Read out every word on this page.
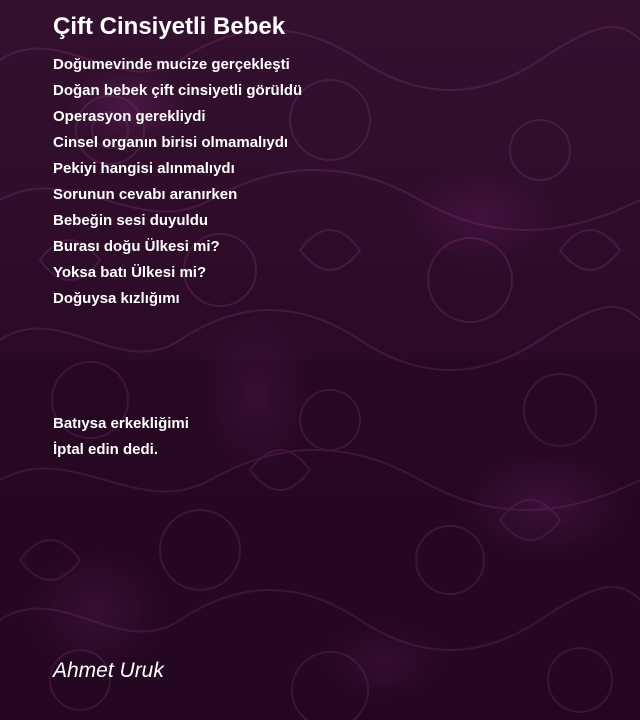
Çift Cinsiyetli Bebek
Doğumevinde mucize gerçekleşti
Doğan bebek çift cinsiyetli görüldü
Operasyon gerekliydi
Cinsel organın birisi olmamalıydı
Pekiyi hangisi alınmalıydı
Sorunun cevabı aranırken
Bebeğin sesi duyuldu
Burası doğu Ülkesi mi?
Yoksa batı Ülkesi mi?
Doğuysa kızlığımı
Batıysa erkekliğimi
İptal edin dedi.
Ahmet Uruk
